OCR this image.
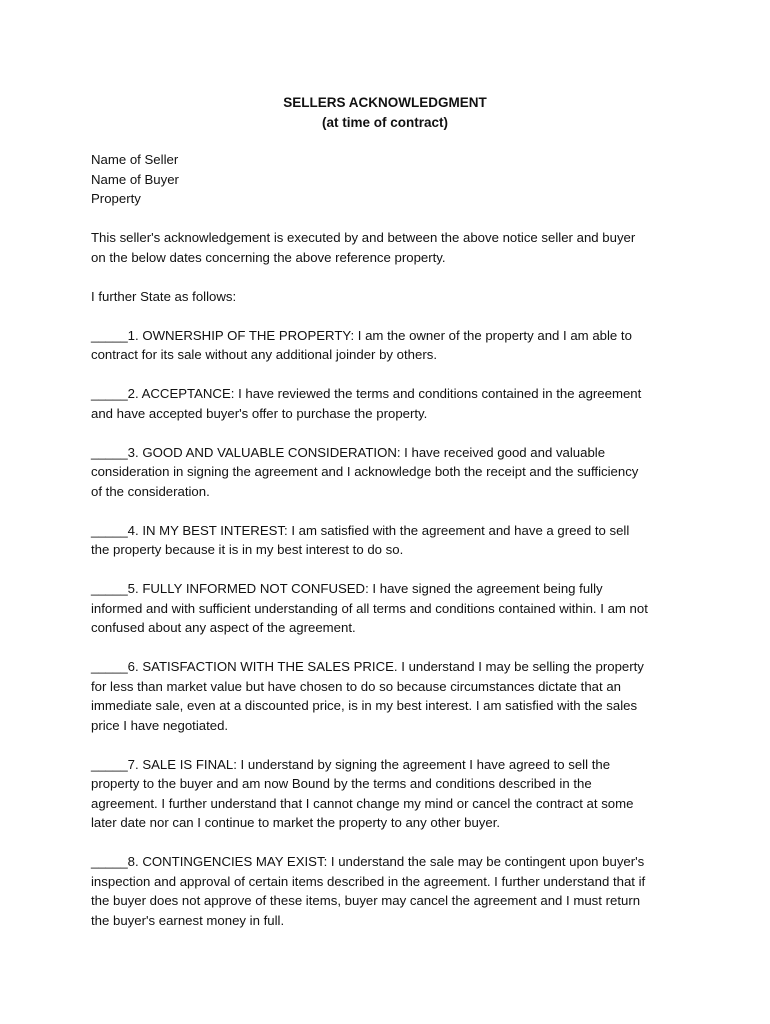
SELLERS ACKNOWLEDGMENT
(at time of contract)

Name of Seller

Name of Buyer

Property

This seller's acknowledgement is executed by and between the above notice seller and buyer
on the below dates concerning the above reference property.

I further State as follows:

_____1. OWNERSHIP OF THE PROPERTY: I am the owner of the property and I am able to
contract for its sale without any additional joinder by others.

_____2. ACCEPTANCE: I have reviewed the terms and conditions contained in the agreement
and have accepted buyer's offer to purchase the property.

_____3. GOOD AND VALUABLE CONSIDERATION: I have received good and valuable
consideration in signing the agreement and I acknowledge both the receipt and the sufficiency
of the consideration.

_____4. IN MY BEST INTEREST: I am satisfied with the agreement and have a greed to sell
the property because it is in my best interest to do so.

_____5. FULLY INFORMED NOT CONFUSED: I have signed the agreement being fully
informed and with sufficient understanding of all terms and conditions contained within. I am not
confused about any aspect of the agreement.

_____6. SATISFACTION WITH THE SALES PRICE. I understand I may be selling the property
for less than market value but have chosen to do so because circumstances dictate that an
immediate sale, even at a discounted price, is in my best interest. I am satisfied with the sales
price I have negotiated.

_____7. SALE IS FINAL: I understand by signing the agreement I have agreed to sell the
property to the buyer and am now Bound by the terms and conditions described in the
agreement. I further understand that I cannot change my mind or cancel the contract at some
later date nor can I continue to market the property to any other buyer.

_____8. CONTINGENCIES MAY EXIST: I understand the sale may be contingent upon buyer's
inspection and approval of certain items described in the agreement. I further understand that if
the buyer does not approve of these items, buyer may cancel the agreement and I must return
the buyer's earnest money in full.
